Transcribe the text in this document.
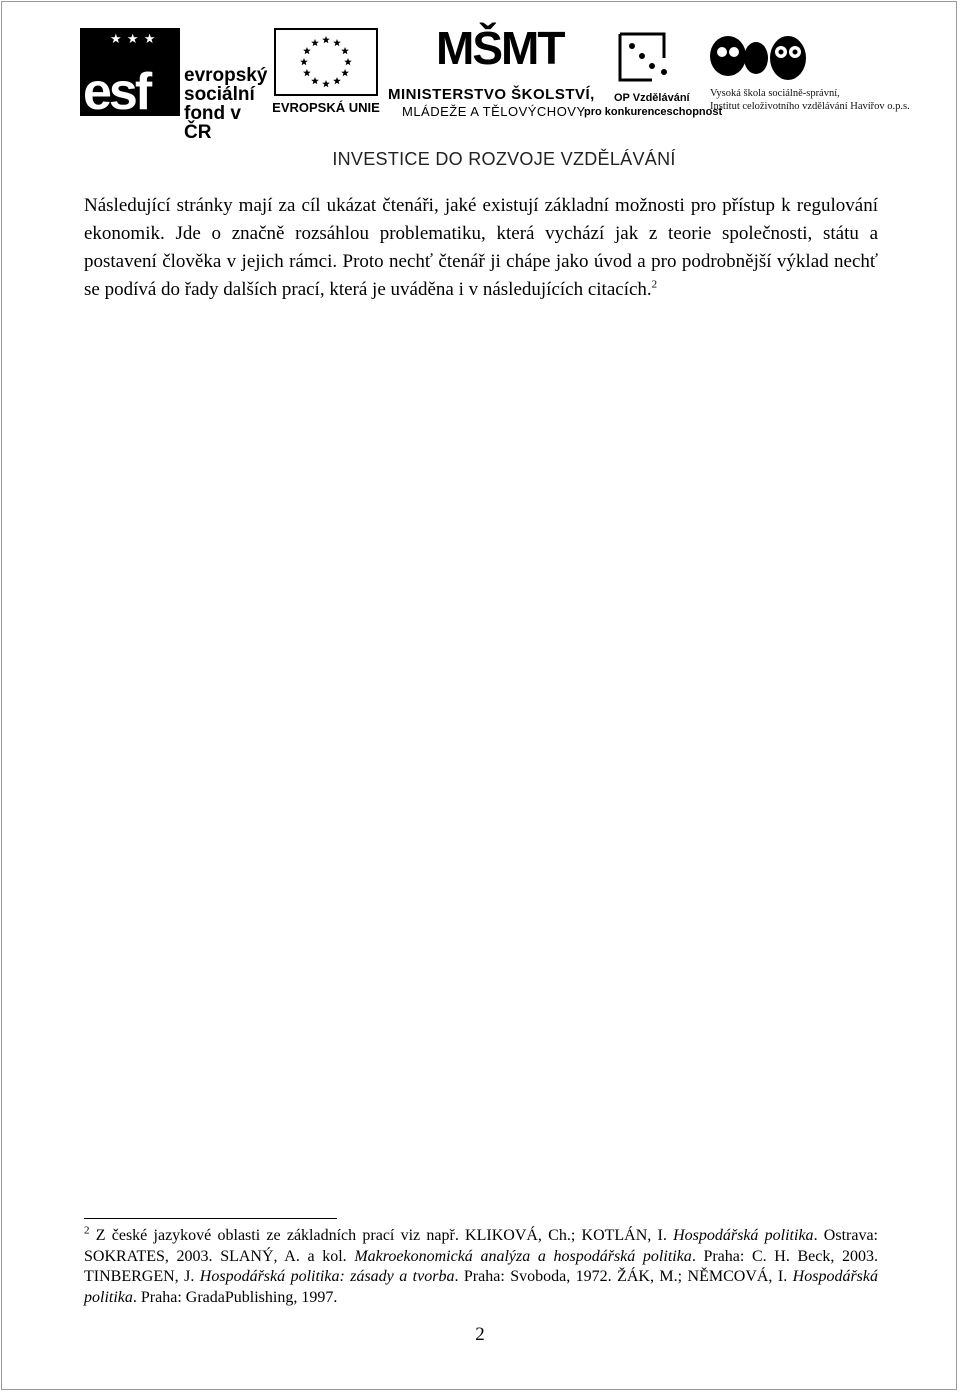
★ ★ ★
esf evropský
sociální
fond v ČR
EVROPSKÁ UNIE
MŠMT
MINISTERSTVO ŠKOLSTVÍ,
MLÁDEŽE A TĚLOVÝCHOVY
OP Vzdělávání
pro konkurenceschopnost
Vysoká škola sociálně-správní,
Institut celoživotního vzdělávání Havířov o.p.s.
INVESTICE DO ROZVOJE VZDĚLÁVÁNÍ

Následující stránky mají za cíl ukázat čtenáři, jaké existují základní možnosti pro přístup k regulování ekonomik. Jde o značně rozsáhlou problematiku, která vychází jak z teorie společnosti, státu a postavení člověka v jejich rámci. Proto nechť čtenář ji chápe jako úvod a pro podrobnější výklad nechť se podívá do řady dalších prací, která je uváděna i v následujících citacích.$^2$

$^2$ Z české jazykové oblasti ze základních prací viz např. KLIKOVÁ, Ch.; KOTLÁN, I. Hospodářská politika. Ostrava: SOKRATES, 2003. SLANÝ, A. a kol. Makroekonomická analýza a hospodářská politika. Praha: C. H. Beck, 2003. TINBERGEN, J. Hospodářská politika: zásady a tvorba. Praha: Svoboda, 1972. ŽÁK, M.; NĚMCOVÁ, I. Hospodářská politika. Praha: GradaPublishing, 1997.

2
